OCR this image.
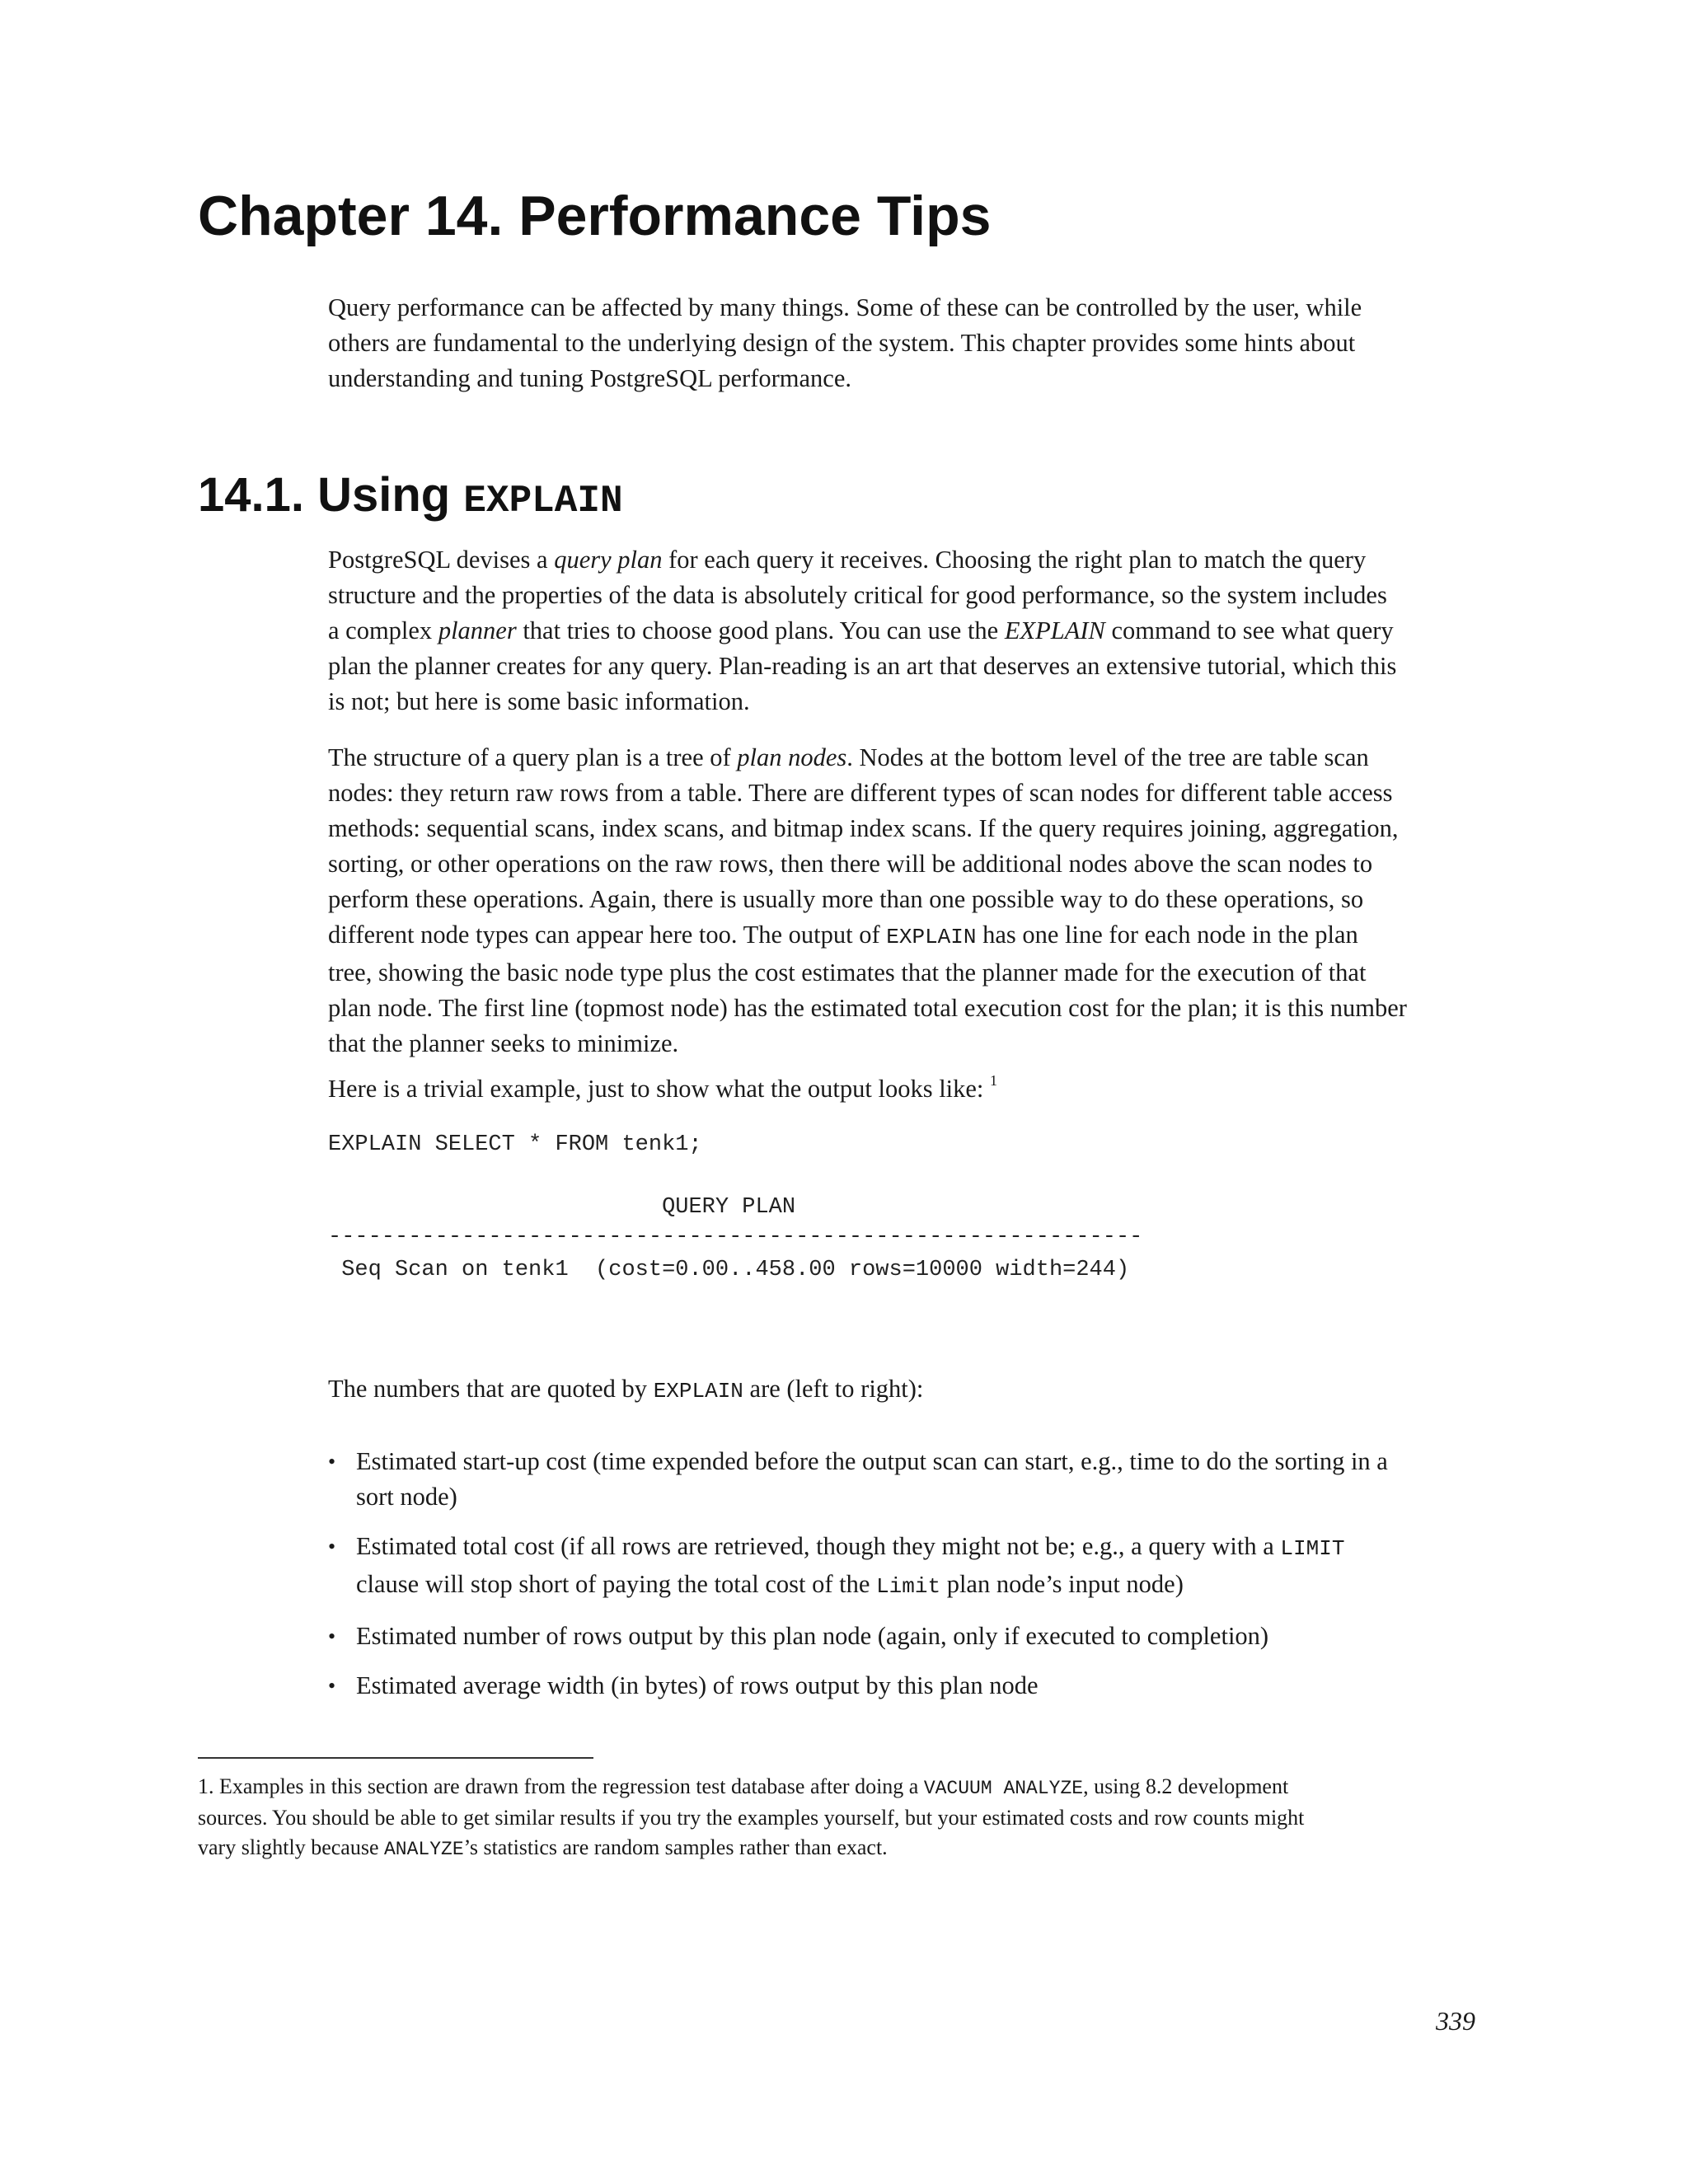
Chapter 14. Performance Tips
Query performance can be affected by many things. Some of these can be controlled by the user, while
others are fundamental to the underlying design of the system. This chapter provides some hints about
understanding and tuning PostgreSQL performance.
14.1. Using EXPLAIN
PostgreSQL devises a query plan for each query it receives. Choosing the right plan to match the query
structure and the properties of the data is absolutely critical for good performance, so the system includes
a complex planner that tries to choose good plans. You can use the EXPLAIN command to see what query
plan the planner creates for any query. Plan-reading is an art that deserves an extensive tutorial, which this
is not; but here is some basic information.
The structure of a query plan is a tree of plan nodes. Nodes at the bottom level of the tree are table scan
nodes: they return raw rows from a table. There are different types of scan nodes for different table access
methods: sequential scans, index scans, and bitmap index scans. If the query requires joining, aggregation,
sorting, or other operations on the raw rows, then there will be additional nodes above the scan nodes to
perform these operations. Again, there is usually more than one possible way to do these operations, so
different node types can appear here too. The output of EXPLAIN has one line for each node in the plan
tree, showing the basic node type plus the cost estimates that the planner made for the execution of that
plan node. The first line (topmost node) has the estimated total execution cost for the plan; it is this number
that the planner seeks to minimize.
Here is a trivial example, just to show what the output looks like: $^1$
EXPLAIN SELECT * FROM tenk1;
QUERY PLAN
-------------------------------------------------------------
Seq Scan on tenk1  (cost=0.00..458.00 rows=10000 width=244)
The numbers that are quoted by EXPLAIN are (left to right):
• Estimated start-up cost (time expended before the output scan can start, e.g., time to do the sorting in a
sort node)
• Estimated total cost (if all rows are retrieved, though they might not be; e.g., a query with a LIMIT
clause will stop short of paying the total cost of the Limit plan node’s input node)
• Estimated number of rows output by this plan node (again, only if executed to completion)
• Estimated average width (in bytes) of rows output by this plan node
1. Examples in this section are drawn from the regression test database after doing a VACUUM ANALYZE, using 8.2 development
sources. You should be able to get similar results if you try the examples yourself, but your estimated costs and row counts might
vary slightly because ANALYZE’s statistics are random samples rather than exact.
339
